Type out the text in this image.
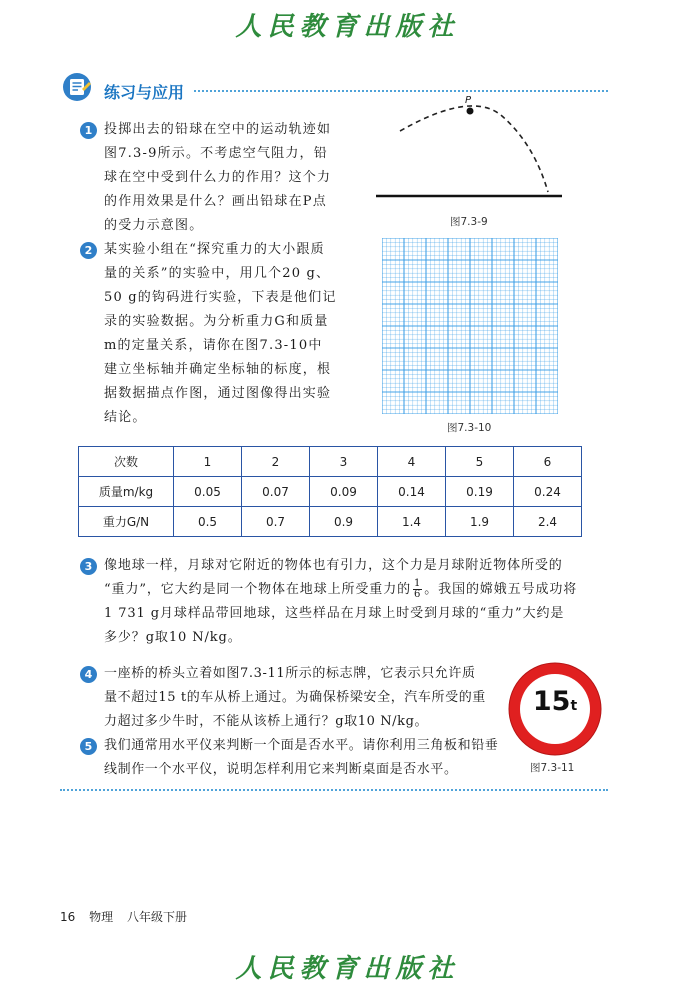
人民教育出版社
练习与应用
1 投掷出去的铅球在空中的运动轨迹如
图7.3-9所示。不考虑空气阻力，铅
球在空中受到什么力的作用？这个力
的作用效果是什么？画出铅球在P点
的受力示意图。
P
图7.3-9
2 某实验小组在“探究重力的大小跟质
量的关系”的实验中，用几个20 g、
50 g的钩码进行实验，下表是他们记
录的实验数据。为分析重力G和质量
m的定量关系，请你在图7.3-10中
建立坐标轴并确定坐标轴的标度，根
据数据描点作图，通过图像得出实验
结论。
图7.3-10
次数	1	2	3	4	5	6
质量m/kg	0.05	0.07	0.09	0.14	0.19	0.24
重力G/N	0.5	0.7	0.9	1.4	1.9	2.4
3 像地球一样，月球对它附近的物体也有引力，这个力是月球附近物体所受的
“重力”，它大约是同一个物体在地球上所受重力的 $\frac{1}{6}$ 。我国的嫦娥五号成功将
1 731 g月球样品带回地球，这些样品在月球上时受到月球的“重力”大约是
多少？g取10 N/kg。
4 一座桥的桥头立着如图7.3-11所示的标志牌，它表示只允许质
量不超过15 t的车从桥上通过。为确保桥梁安全，汽车所受的重
力超过多少牛时，不能从该桥上通行？g取10 N/kg。
15t
图7.3-11
5 我们通常用水平仪来判断一个面是否水平。请你利用三角板和铅垂
线制作一个水平仪，说明怎样利用它来判断桌面是否水平。
16 物理 八年级下册
人民教育出版社
